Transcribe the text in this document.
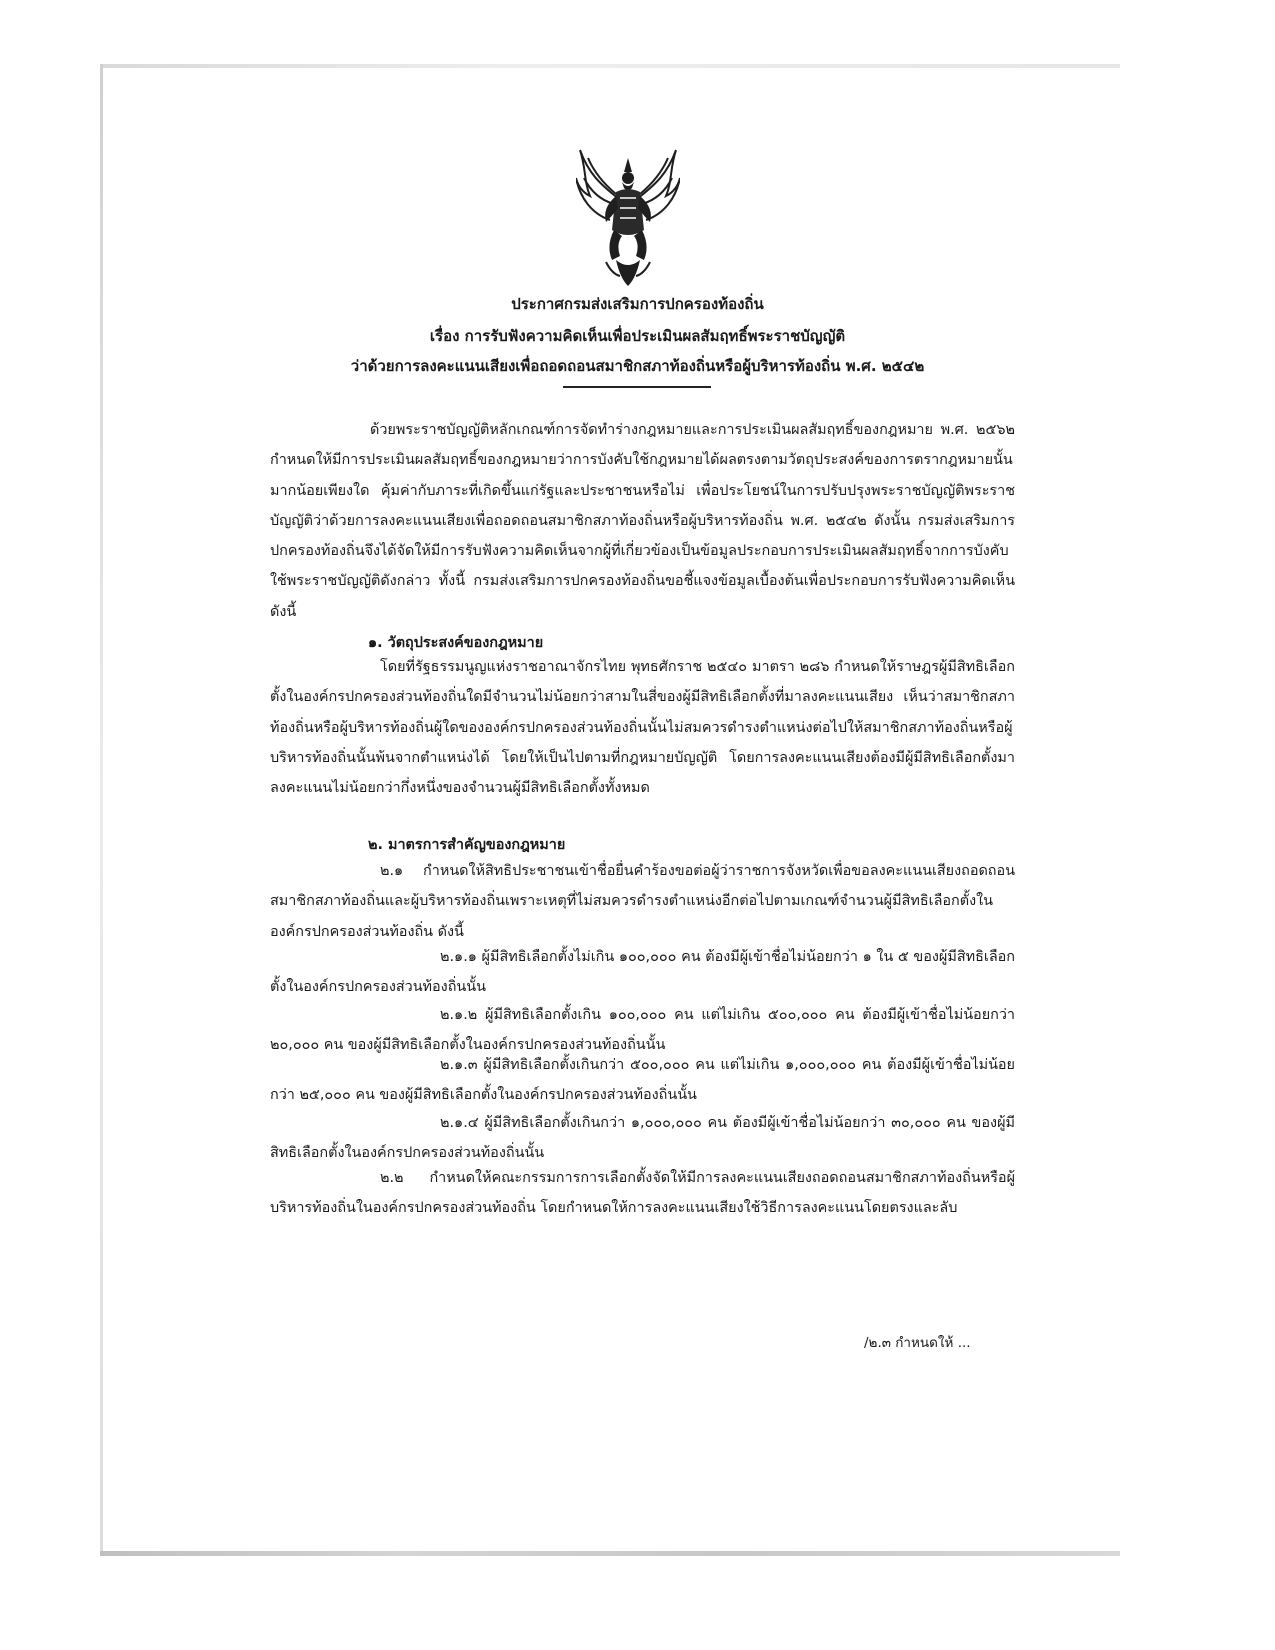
ประกาศกรมส่งเสริมการปกครองท้องถิ่น
เรื่อง การรับฟังความคิดเห็นเพื่อประเมินผลสัมฤทธิ์พระราชบัญญัติ
ว่าด้วยการลงคะแนนเสียงเพื่อถอดถอนสมาชิกสภาท้องถิ่นหรือผู้บริหารท้องถิ่น พ.ศ. ๒๕๔๒
ด้วยพระราชบัญญัติหลักเกณฑ์การจัดทำร่างกฎหมายและการประเมินผลสัมฤทธิ์ของกฎหมาย พ.ศ. ๒๕๖๒ กำหนดให้มีการประเมินผลสัมฤทธิ์ของกฎหมายว่าการบังคับใช้กฎหมายได้ผลตรงตามวัตถุประสงค์ของการตรากฎหมายนั้นมากน้อยเพียงใด คุ้มค่ากับภาระที่เกิดขึ้นแก่รัฐและประชาชนหรือไม่ เพื่อประโยชน์ในการปรับปรุงพระราชบัญญัติพระราชบัญญัติว่าด้วยการลงคะแนนเสียงเพื่อถอดถอนสมาชิกสภาท้องถิ่นหรือผู้บริหารท้องถิ่น พ.ศ. ๒๕๔๒ ดังนั้น กรมส่งเสริมการปกครองท้องถิ่นจึงได้จัดให้มีการรับฟังความคิดเห็นจากผู้ที่เกี่ยวข้องเป็นข้อมูลประกอบการประเมินผลสัมฤทธิ์จากการบังคับใช้พระราชบัญญัติดังกล่าว ทั้งนี้ กรมส่งเสริมการปกครองท้องถิ่นขอชี้แจงข้อมูลเบื้องต้นเพื่อประกอบการรับฟังความคิดเห็น ดังนี้
๑. วัตถุประสงค์ของกฎหมาย
โดยที่รัฐธรรมนูญแห่งราชอาณาจักรไทย พุทธศักราช ๒๕๔๐ มาตรา ๒๘๖ กำหนดให้ราษฎรผู้มีสิทธิเลือกตั้งในองค์กรปกครองส่วนท้องถิ่นใดมีจำนวนไม่น้อยกว่าสามในสี่ของผู้มีสิทธิเลือกตั้งที่มาลงคะแนนเสียง เห็นว่าสมาชิกสภาท้องถิ่นหรือผู้บริหารท้องถิ่นผู้ใดขององค์กรปกครองส่วนท้องถิ่นนั้นไม่สมควรดำรงตำแหน่งต่อไปให้สมาชิกสภาท้องถิ่นหรือผู้บริหารท้องถิ่นนั้นพ้นจากตำแหน่งได้ โดยให้เป็นไปตามที่กฎหมายบัญญัติ โดยการลงคะแนนเสียงต้องมีผู้มีสิทธิเลือกตั้งมาลงคะแนนไม่น้อยกว่ากึ่งหนึ่งของจำนวนผู้มีสิทธิเลือกตั้งทั้งหมด
๒. มาตรการสำคัญของกฎหมาย
๒.๑ กำหนดให้สิทธิประชาชนเข้าชื่อยื่นคำร้องขอต่อผู้ว่าราชการจังหวัดเพื่อขอลงคะแนนเสียงถอดถอนสมาชิกสภาท้องถิ่นและผู้บริหารท้องถิ่นเพราะเหตุที่ไม่สมควรดำรงตำแหน่งอีกต่อไปตามเกณฑ์จำนวนผู้มีสิทธิเลือกตั้งในองค์กรปกครองส่วนท้องถิ่น ดังนี้
๒.๑.๑ ผู้มีสิทธิเลือกตั้งไม่เกิน ๑๐๐,๐๐๐ คน ต้องมีผู้เข้าชื่อไม่น้อยกว่า ๑ ใน ๕ ของผู้มีสิทธิเลือกตั้งในองค์กรปกครองส่วนท้องถิ่นนั้น
๒.๑.๒ ผู้มีสิทธิเลือกตั้งเกิน ๑๐๐,๐๐๐ คน แต่ไม่เกิน ๕๐๐,๐๐๐ คน ต้องมีผู้เข้าชื่อไม่น้อยกว่า ๒๐,๐๐๐ คน ของผู้มีสิทธิเลือกตั้งในองค์กรปกครองส่วนท้องถิ่นนั้น
๒.๑.๓ ผู้มีสิทธิเลือกตั้งเกินกว่า ๕๐๐,๐๐๐ คน แต่ไม่เกิน ๑,๐๐๐,๐๐๐ คน ต้องมีผู้เข้าชื่อไม่น้อยกว่า ๒๕,๐๐๐ คน ของผู้มีสิทธิเลือกตั้งในองค์กรปกครองส่วนท้องถิ่นนั้น
๒.๑.๔ ผู้มีสิทธิเลือกตั้งเกินกว่า ๑,๐๐๐,๐๐๐ คน ต้องมีผู้เข้าชื่อไม่น้อยกว่า ๓๐,๐๐๐ คน ของผู้มีสิทธิเลือกตั้งในองค์กรปกครองส่วนท้องถิ่นนั้น
๒.๒ กำหนดให้คณะกรรมการการเลือกตั้งจัดให้มีการลงคะแนนเสียงถอดถอนสมาชิกสภาท้องถิ่นหรือผู้บริหารท้องถิ่นในองค์กรปกครองส่วนท้องถิ่น โดยกำหนดให้การลงคะแนนเสียงใช้วิธีการลงคะแนนโดยตรงและลับ
/๒.๓ กำหนดให้ ...
